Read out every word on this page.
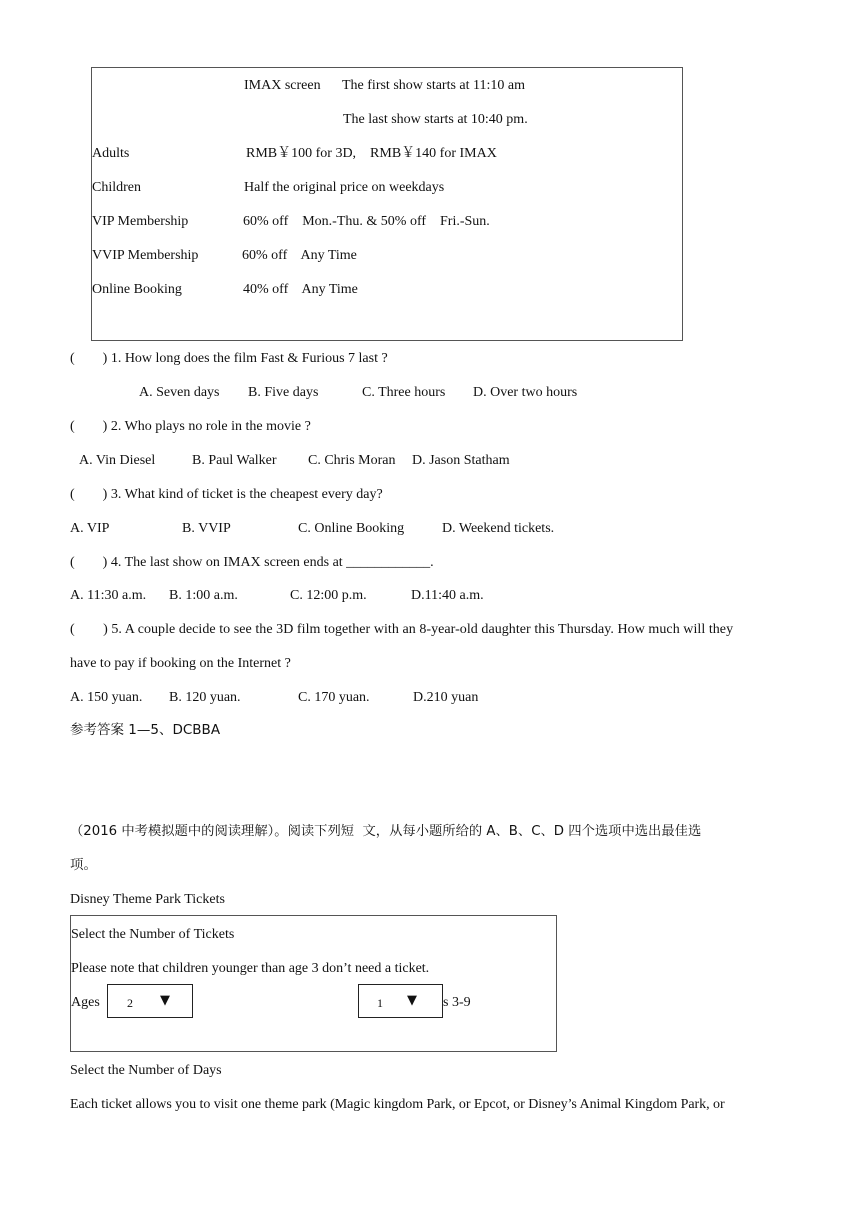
IMAX screen The first show starts at 11:10 am
The last show starts at 10:40 pm.
Adults	RMB￥100 for 3D,    RMB￥140 for IMAX
Children	Half the original price on weekdays
VIP Membership	60% off    Mon.-Thu. & 50% off    Fri.-Sun.
VVIP Membership	60% off    Any Time
Online Booking	40% off    Any Time
(        ) 1. How long does the film Fast & Furious 7 last ?
A. Seven days B. Five days	C. Three hours D. Over two hours
(        ) 2. Who plays no role in the movie ?
A. Vin Diesel	B. Paul Walker C. Chris Moran D. Jason Statham
(        ) 3. What kind of ticket is the cheapest every day?
A. VIP	B. VVIP	C. Online Booking	D. Weekend tickets.
(        ) 4. The last show on IMAX screen ends at ____________.
A. 11:30 a.m. B. 1:00 a.m.	C. 12:00 p.m.	D.11:40 a.m.
(        ) 5. A couple decide to see the 3D film together with an 8-year-old daughter this Thursday. How much will they
have to pay if booking on the Internet ?
A. 150 yuan. B. 120 yuan.	C. 170 yuan.	D.210 yuan
参考答案 1—5、DCBBA
（2016 中考模拟题中的阅读理解）。阅读下列短  文，从每小题所给的 A、B、C、D 四个选项中选出最佳选
项。
Disney Theme Park Tickets
Select the Number of Tickets
Please note that children younger than age 3 don’t need a ticket.
Ages 2 ▼	1 ▼ s 3-9
Select the Number of Days
Each ticket allows you to visit one theme park (Magic kingdom Park, or Epcot, or Disney’s Animal Kingdom Park, or
